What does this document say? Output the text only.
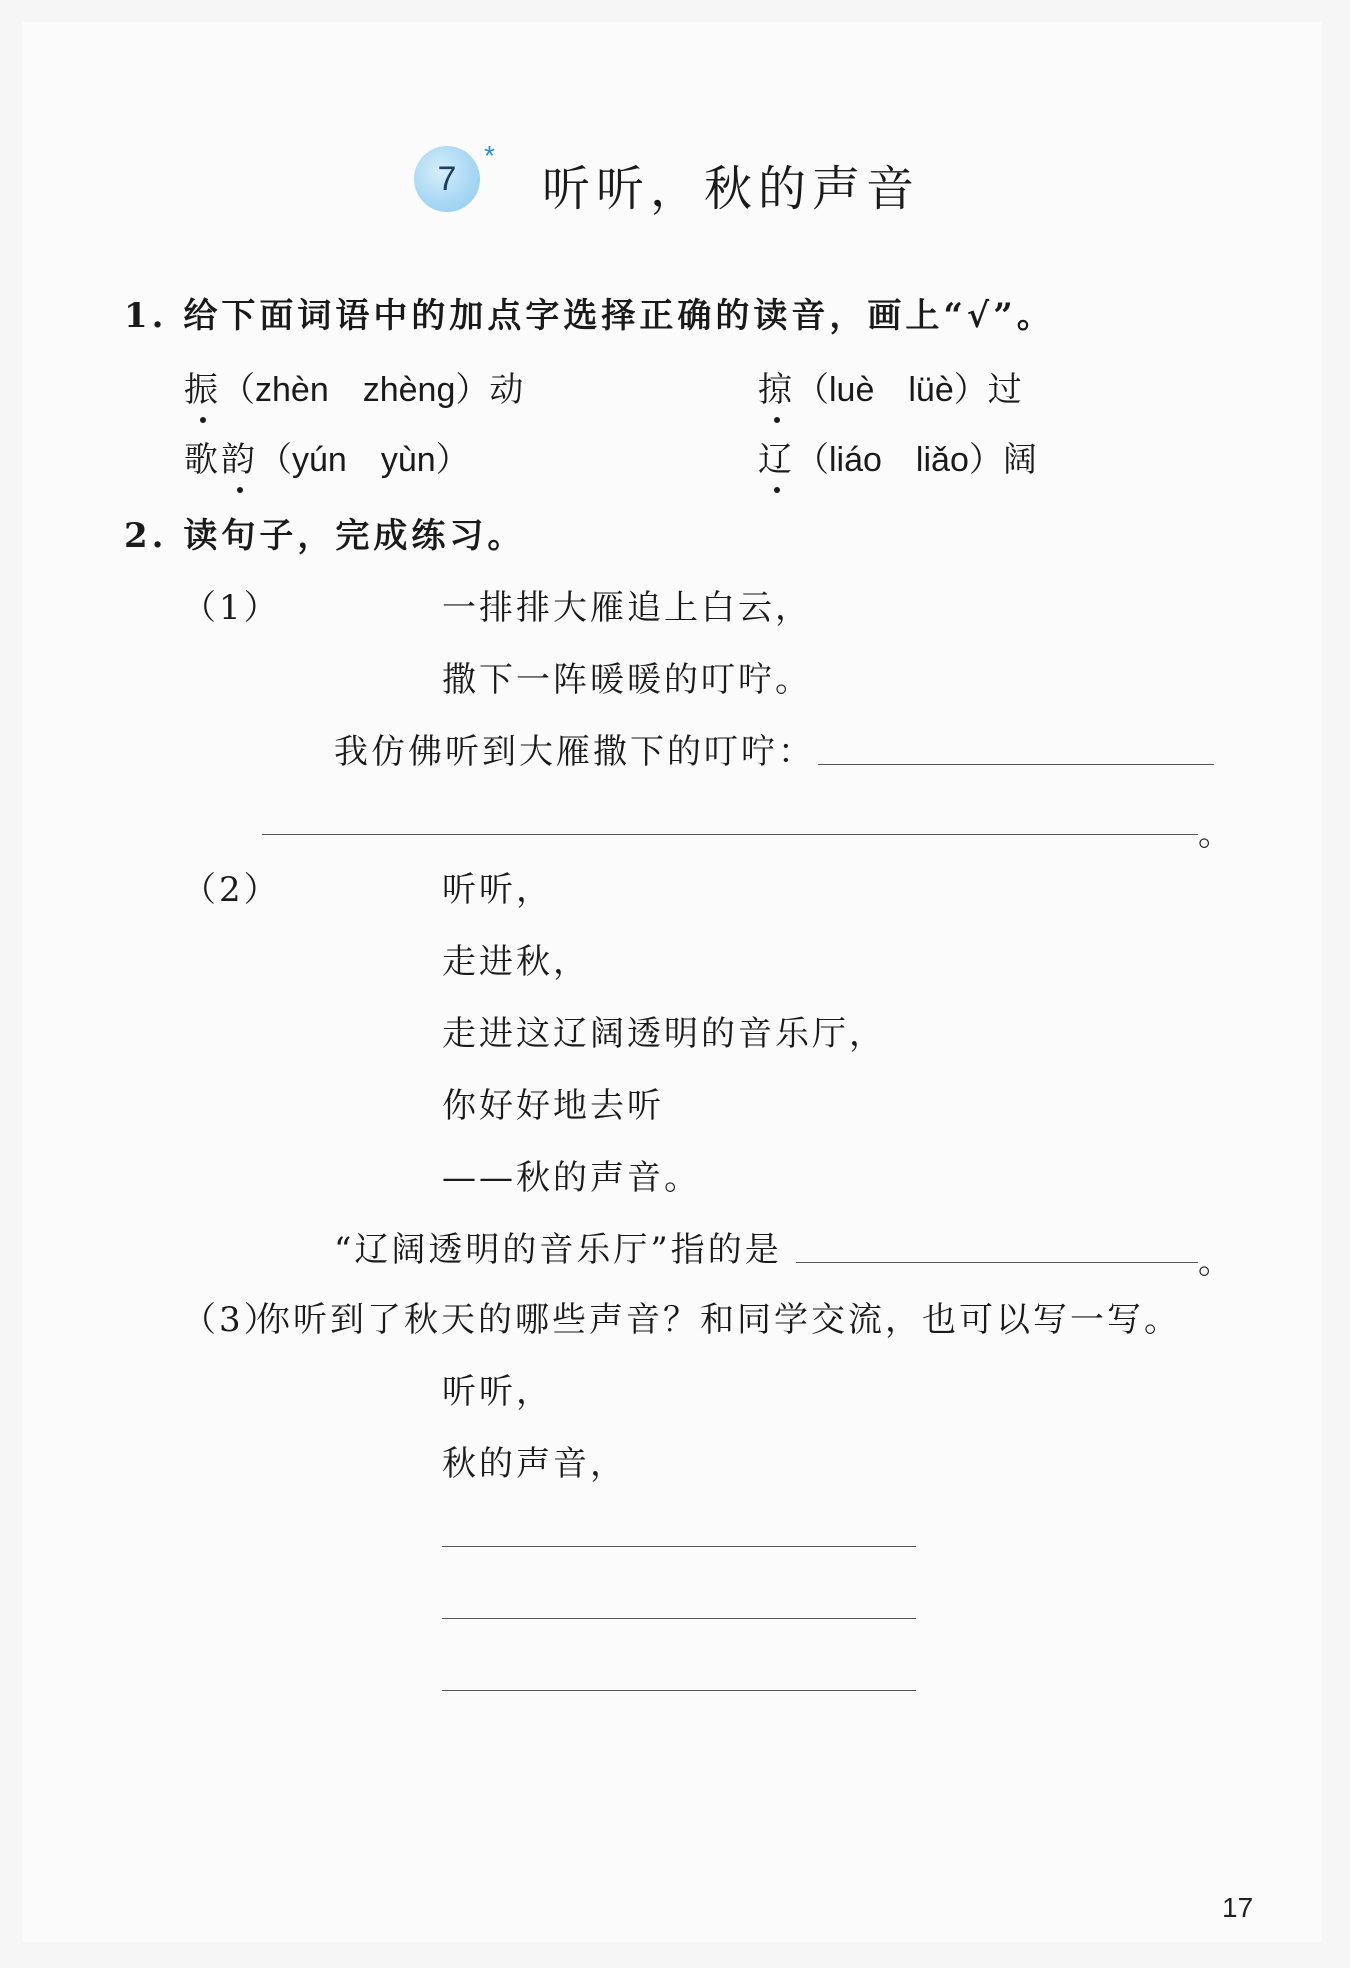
7
*
听听，秋的声音
1. 给下面词语中的加点字选择正确的读音，画上“√”。
振（zhèn　zhèng）动	掠（luè　lüè）过
歌韵（yún　yùn）	辽（liáo　liǎo）阔
2. 读句子，完成练习。
（1）	一排排大雁追上白云，
撒下一阵暖暖的叮咛。
我仿佛听到大雁撒下的叮咛：
。
（2）	听听，
走进秋，
走进这辽阔透明的音乐厅，
你好好地去听
——秋的声音。
“辽阔透明的音乐厅”指的是	。
（3）
你听到了秋天的哪些声音？和同学交流，也可以写一写。
听听，
秋的声音，
17
